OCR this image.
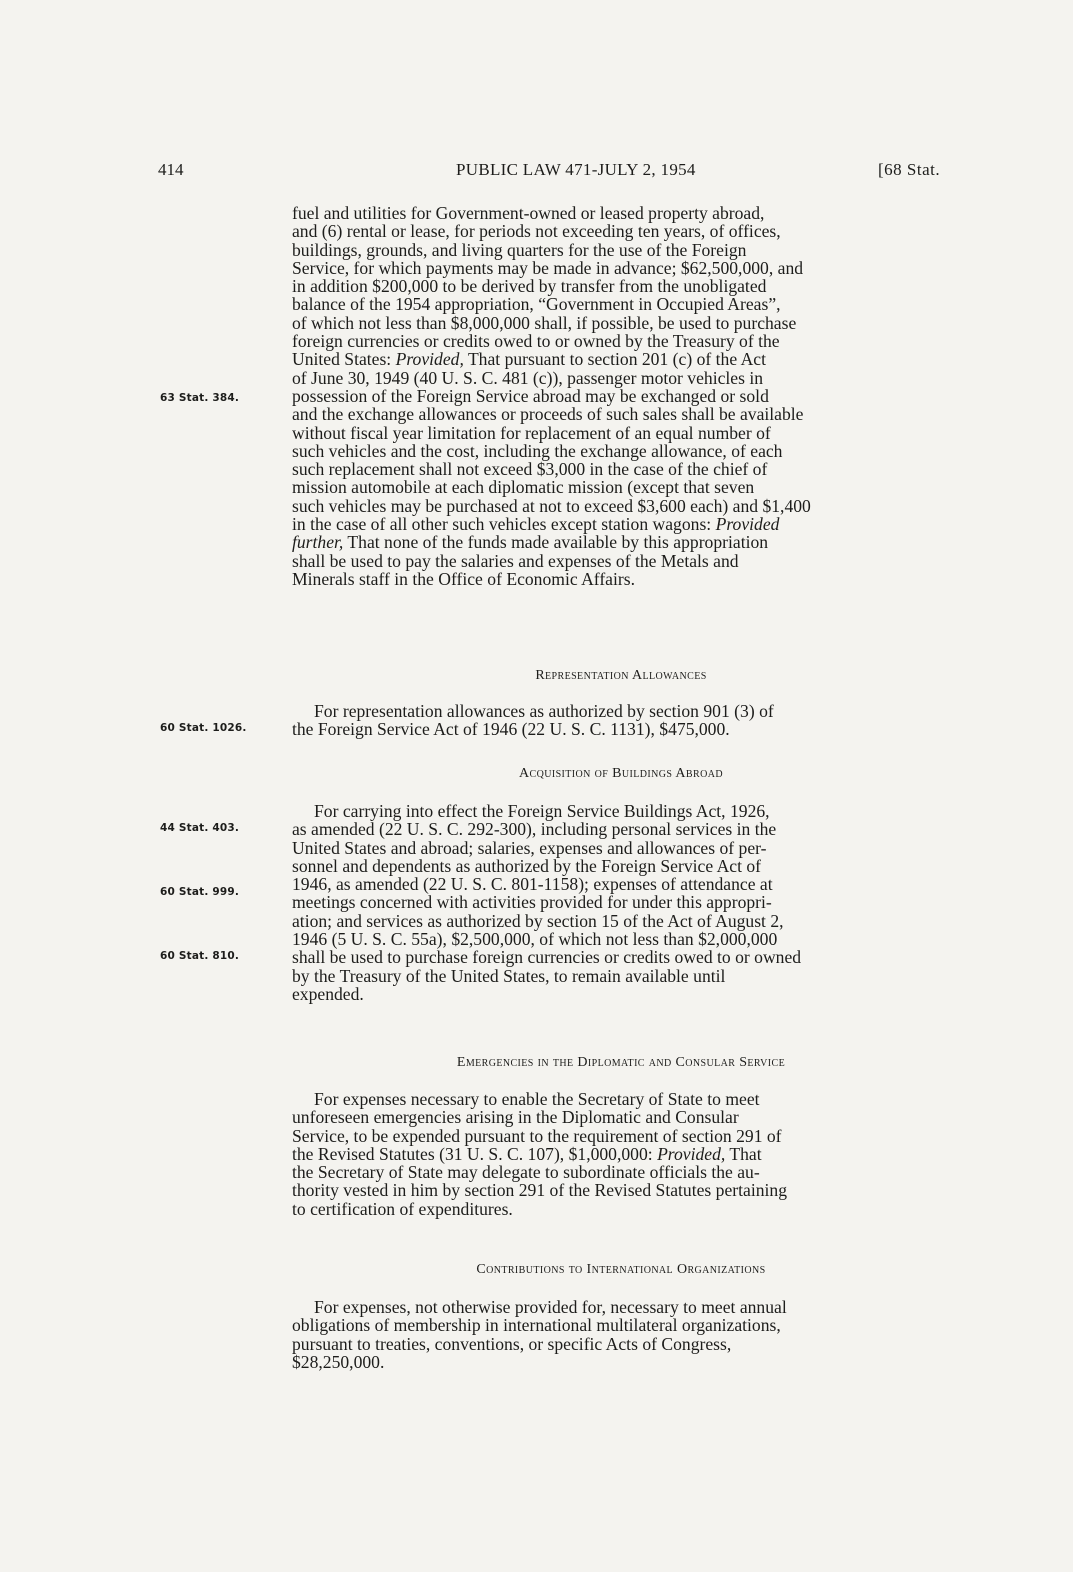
414	PUBLIC LAW 471-JULY 2, 1954	[68 Stat.
63 Stat. 384.
60 Stat. 1026.
44 Stat. 403.
60 Stat. 999.
60 Stat. 810.

fuel and utilities for Government-owned or leased property abroad,

and (6) rental or lease, for periods not exceeding ten years, of offices,

buildings, grounds, and living quarters for the use of the Foreign

Service, for which payments may be made in advance; $62,500,000, and

in addition $200,000 to be derived by transfer from the unobligated

balance of the 1954 appropriation, “Government in Occupied Areas”,

of which not less than $8,000,000 shall, if possible, be used to purchase

foreign currencies or credits owed to or owned by the Treasury of the

United States: Provided, That pursuant to section 201 (c) of the Act

of June 30, 1949 (40 U. S. C. 481 (c)), passenger motor vehicles in

possession of the Foreign Service abroad may be exchanged or sold

and the exchange allowances or proceeds of such sales shall be available

without fiscal year limitation for replacement of an equal number of

such vehicles and the cost, including the exchange allowance, of each

such replacement shall not exceed $3,000 in the case of the chief of

mission automobile at each diplomatic mission (except that seven

such vehicles may be purchased at not to exceed $3,600 each) and $1,400

in the case of all other such vehicles except station wagons: Provided

further, That none of the funds made available by this appropriation

shall be used to pay the salaries and expenses of the Metals and

Minerals staff in the Office of Economic Affairs.

Representation Allowances

For representation allowances as authorized by section 901 (3) of

the Foreign Service Act of 1946 (22 U. S. C. 1131), $475,000.

Acquisition of Buildings Abroad

For carrying into effect the Foreign Service Buildings Act, 1926,

as amended (22 U. S. C. 292-300), including personal services in the

United States and abroad; salaries, expenses and allowances of per-

sonnel and dependents as authorized by the Foreign Service Act of

1946, as amended (22 U. S. C. 801-1158); expenses of attendance at

meetings concerned with activities provided for under this appropri-

ation; and services as authorized by section 15 of the Act of August 2,

1946 (5 U. S. C. 55a), $2,500,000, of which not less than $2,000,000

shall be used to purchase foreign currencies or credits owed to or owned

by the Treasury of the United States, to remain available until

expended.

Emergencies in the Diplomatic and Consular Service

For expenses necessary to enable the Secretary of State to meet

unforeseen emergencies arising in the Diplomatic and Consular

Service, to be expended pursuant to the requirement of section 291 of

the Revised Statutes (31 U. S. C. 107), $1,000,000: Provided, That

the Secretary of State may delegate to subordinate officials the au-

thority vested in him by section 291 of the Revised Statutes pertaining

to certification of expenditures.

Contributions to International Organizations

For expenses, not otherwise provided for, necessary to meet annual

obligations of membership in international multilateral organizations,

pursuant to treaties, conventions, or specific Acts of Congress,

$28,250,000.
